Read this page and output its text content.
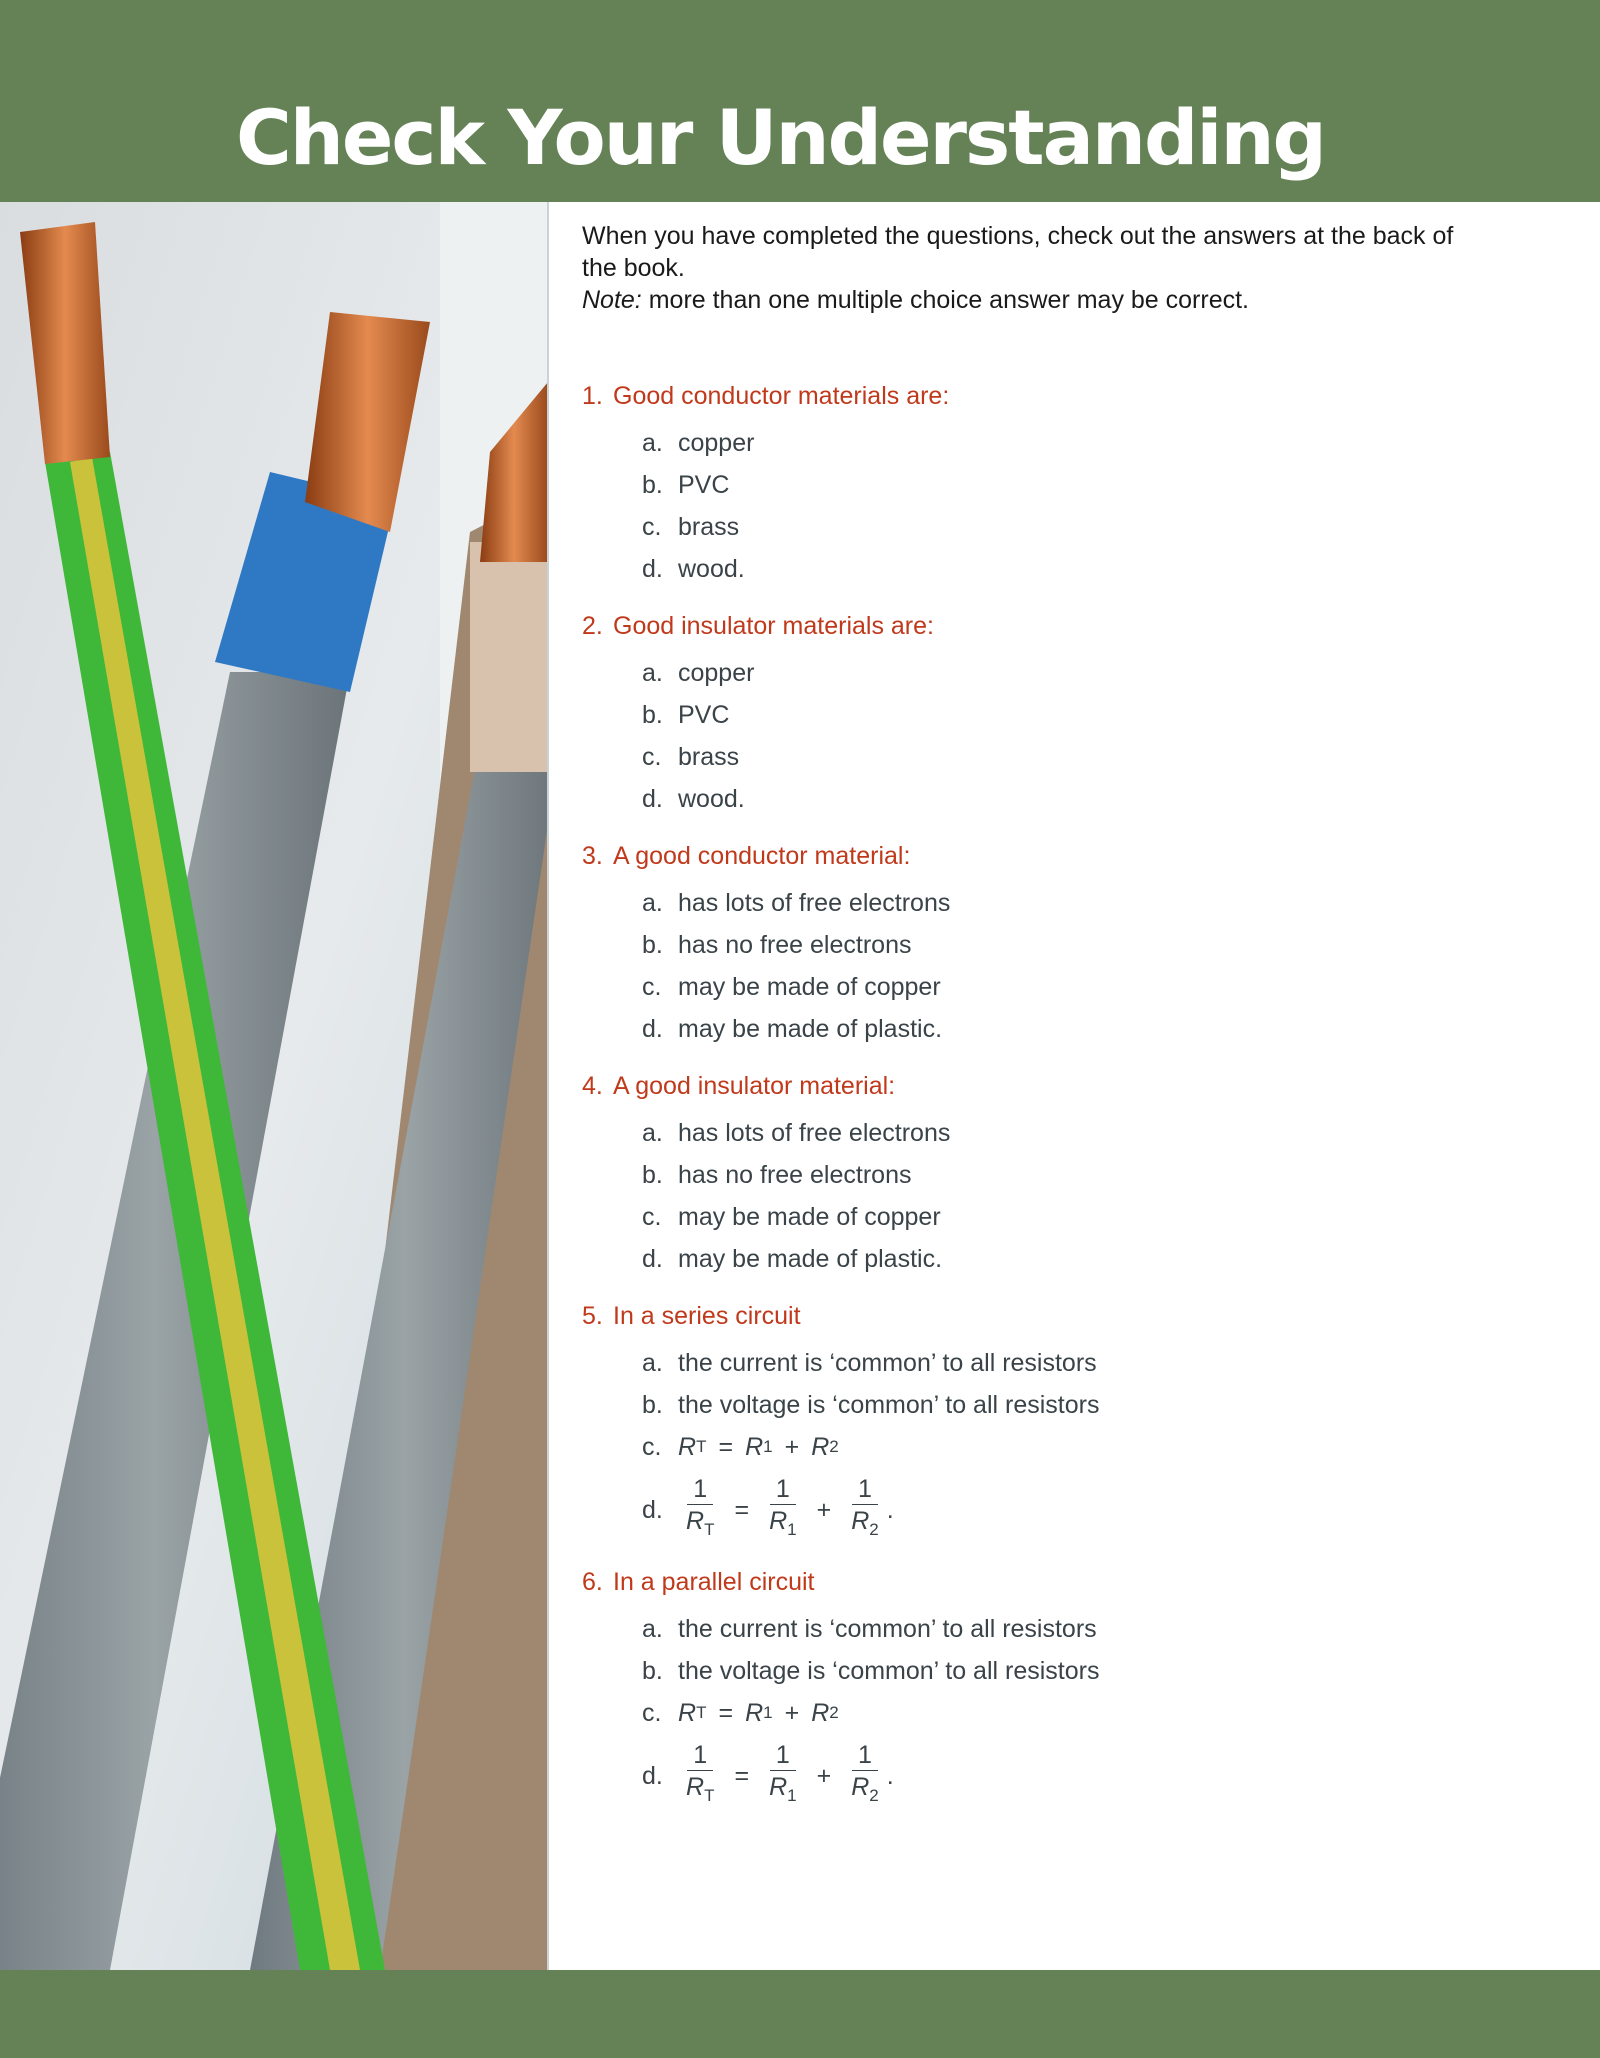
Check Your Understanding

When you have completed the questions, check out the answers at the back of the book.

Note: more than one multiple choice answer may be correct.

1. Good conductor materials are:
a. copper
b. PVC
c. brass
d. wood.
2. Good insulator materials are:
a. copper
b. PVC
c. brass
d. wood.
3. A good conductor material:
a. has lots of free electrons
b. has no free electrons
c. may be made of copper
d. may be made of plastic.
4. A good insulator material:
a. has lots of free electrons
b. has no free electrons
c. may be made of copper
d. may be made of plastic.
5. In a series circuit
a. the current is ‘common’ to all resistors
b. the voltage is ‘common’ to all resistors
c. R T = R 1 + R 2
d. $\frac{1}{R_T} = \frac{1}{R_1} + \frac{1}{R_2}$ .
6. In a parallel circuit
a. the current is ‘common’ to all resistors
b. the voltage is ‘common’ to all resistors
c. R T = R 1 + R 2
d. $\frac{1}{R_T} = \frac{1}{R_1} + \frac{1}{R_2}$ .
